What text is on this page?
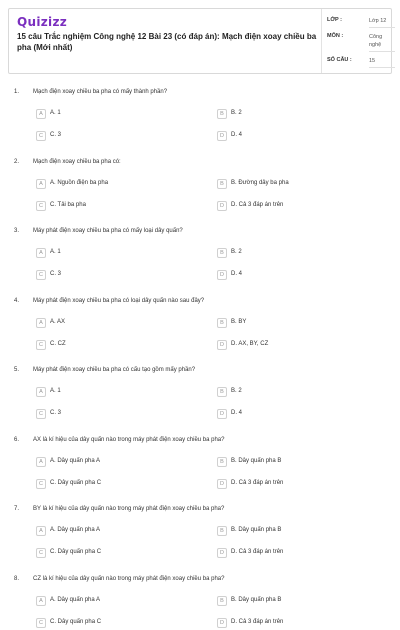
Quizizz
15 câu Trắc nghiệm Công nghệ 12 Bài 23 (có đáp án): Mạch điện xoay chiều ba pha (Mới nhất)
LỚP :	Lớp 12
MÔN :	Công nghệ
SỐ CÂU :	15
1. Mạch điện xoay chiều ba pha có mấy thành phần?
A	A. 1	B	B. 2
C	C. 3	D	D. 4
2. Mạch điện xoay chiều ba pha có:
A	A. Nguồn điện ba pha	B	B. Đường dây ba pha
C	C. Tải ba pha	D	D. Cả 3 đáp án trên
3. Máy phát điện xoay chiều ba pha có mấy loại dây quấn?
A	A. 1	B	B. 2
C	C. 3	D	D. 4
4. Máy phát điện xoay chiều ba pha có loại dây quấn nào sau đây?
A	A. AX	B	B. BY
C	C. CZ	D	D. AX, BY, CZ
5. Máy phát điện xoay chiều ba pha có cấu tạo gồm mấy phần?
A	A. 1	B	B. 2
C	C. 3	D	D. 4
6. AX là kí hiệu của dây quấn nào trong máy phát điện xoay chiều ba pha?
A	A. Dây quấn pha A	B	B. Dây quấn pha B
C	C. Dây quấn pha C	D	D. Cả 3 đáp án trên
7. BY là kí hiệu của dây quấn nào trong máy phát điện xoay chiều ba pha?
A	A. Dây quấn pha A	B	B. Dây quấn pha B
C	C. Dây quấn pha C	D	D. Cả 3 đáp án trên
8. CZ là kí hiệu của dây quấn nào trong máy phát điện xoay chiều ba pha?
A	A. Dây quấn pha A	B	B. Dây quấn pha B
C	C. Dây quấn pha C	D	D. Cả 3 đáp án trên
